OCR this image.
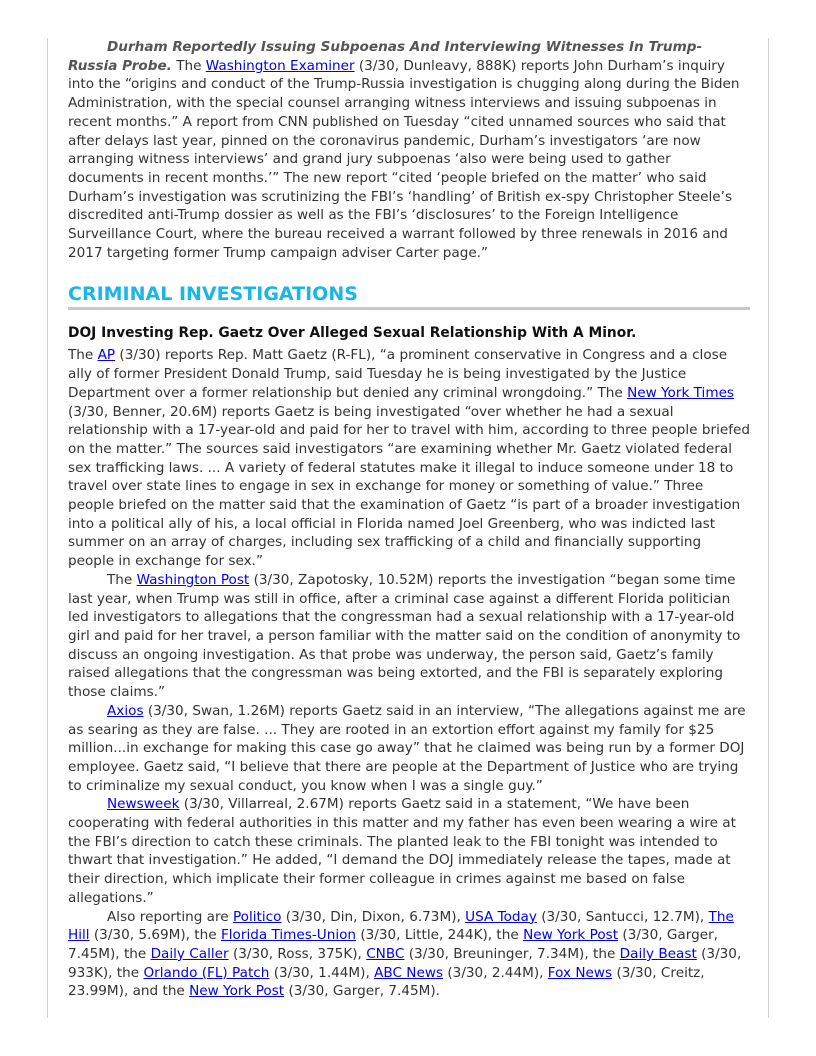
Durham Reportedly Issuing Subpoenas And Interviewing Witnesses In Trump-Russia Probe. The Washington Examiner (3/30, Dunleavy, 888K) reports John Durham’s inquiry into the “origins and conduct of the Trump-Russia investigation is chugging along during the Biden Administration, with the special counsel arranging witness interviews and issuing subpoenas in recent months.” A report from CNN published on Tuesday “cited unnamed sources who said that after delays last year, pinned on the coronavirus pandemic, Durham’s investigators ‘are now arranging witness interviews’ and grand jury subpoenas ‘also were being used to gather documents in recent months.’” The new report “cited ‘people briefed on the matter’ who said Durham’s investigation was scrutinizing the FBI’s ‘handling’ of British ex-spy Christopher Steele’s discredited anti-Trump dossier as well as the FBI’s ‘disclosures’ to the Foreign Intelligence Surveillance Court, where the bureau received a warrant followed by three renewals in 2016 and 2017 targeting former Trump campaign adviser Carter page.”

CRIMINAL INVESTIGATIONS
DOJ Investing Rep. Gaetz Over Alleged Sexual Relationship With A Minor.

The AP (3/30) reports Rep. Matt Gaetz (R-FL), “a prominent conservative in Congress and a close ally of former President Donald Trump, said Tuesday he is being investigated by the Justice Department over a former relationship but denied any criminal wrongdoing.” The New York Times (3/30, Benner, 20.6M) reports Gaetz is being investigated “over whether he had a sexual relationship with a 17-year-old and paid for her to travel with him, according to three people briefed on the matter.” The sources said investigators “are examining whether Mr. Gaetz violated federal sex trafficking laws. ... A variety of federal statutes make it illegal to induce someone under 18 to travel over state lines to engage in sex in exchange for money or something of value.” Three people briefed on the matter said that the examination of Gaetz “is part of a broader investigation into a political ally of his, a local official in Florida named Joel Greenberg, who was indicted last summer on an array of charges, including sex trafficking of a child and financially supporting people in exchange for sex.”

The Washington Post (3/30, Zapotosky, 10.52M) reports the investigation “began some time last year, when Trump was still in office, after a criminal case against a different Florida politician led investigators to allegations that the congressman had a sexual relationship with a 17-year-old girl and paid for her travel, a person familiar with the matter said on the condition of anonymity to discuss an ongoing investigation. As that probe was underway, the person said, Gaetz’s family raised allegations that the congressman was being extorted, and the FBI is separately exploring those claims.”

Axios (3/30, Swan, 1.26M) reports Gaetz said in an interview, “The allegations against me are as searing as they are false. ... They are rooted in an extortion effort against my family for $25 million...in exchange for making this case go away” that he claimed was being run by a former DOJ employee. Gaetz said, “I believe that there are people at the Department of Justice who are trying to criminalize my sexual conduct, you know when I was a single guy.”

Newsweek (3/30, Villarreal, 2.67M) reports Gaetz said in a statement, “We have been cooperating with federal authorities in this matter and my father has even been wearing a wire at the FBI’s direction to catch these criminals. The planted leak to the FBI tonight was intended to thwart that investigation.” He added, “I demand the DOJ immediately release the tapes, made at their direction, which implicate their former colleague in crimes against me based on false allegations.”

Also reporting are Politico (3/30, Din, Dixon, 6.73M), USA Today (3/30, Santucci, 12.7M), The Hill (3/30, 5.69M), the Florida Times-Union (3/30, Little, 244K), the New York Post (3/30, Garger, 7.45M), the Daily Caller (3/30, Ross, 375K), CNBC (3/30, Breuninger, 7.34M), the Daily Beast (3/30, 933K), the Orlando (FL) Patch (3/30, 1.44M), ABC News (3/30, 2.44M), Fox News (3/30, Creitz, 23.99M), and the New York Post (3/30, Garger, 7.45M).
